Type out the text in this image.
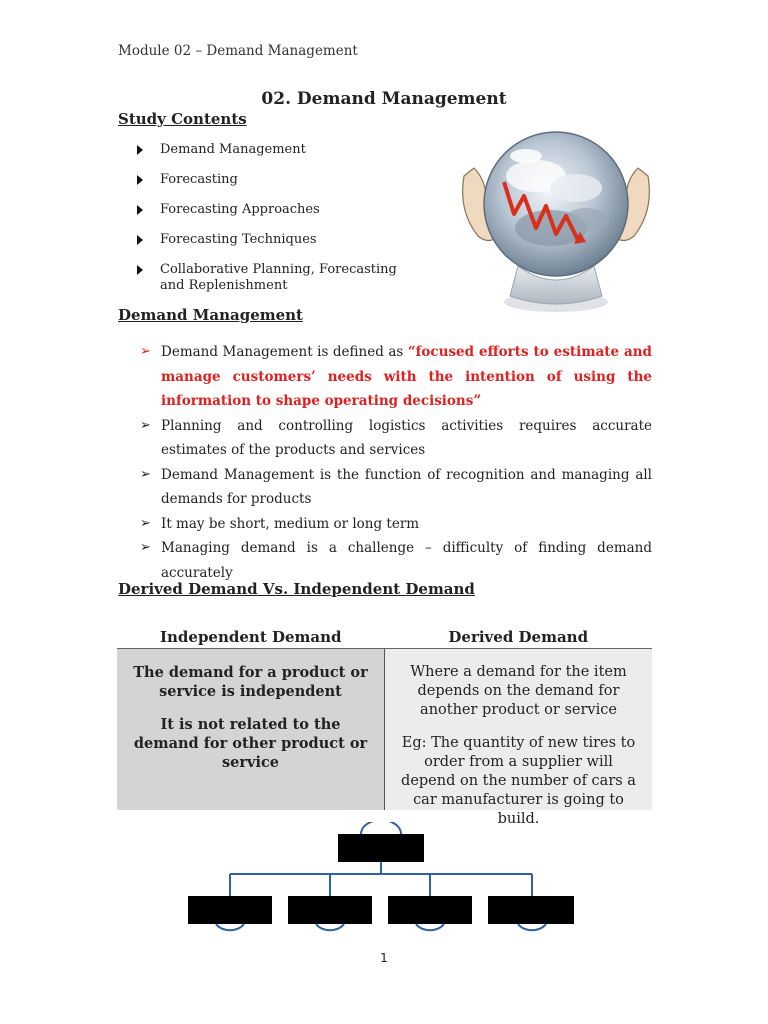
Module 02 – Demand Management
02. Demand Management
Study Contents
Demand Management
Forecasting
Forecasting Approaches
Forecasting Techniques
Collaborative Planning, Forecasting and Replenishment
Demand Management
➢ Demand Management is defined as “focused efforts to estimate and manage customers’ needs with the intention of using the information to shape operating decisions”
➢ Planning and controlling logistics activities requires accurate estimates of the products and services
➢ Demand Management is the function of recognition and managing all demands for products
➢ It may be short, medium or long term
➢ Managing demand is a challenge – difficulty of finding demand accurately
Derived Demand Vs. Independent Demand
Independent Demand	Derived Demand

The demand for a product or service is independent

It is not related to the demand for other product or service

Where a demand for the item depends on the demand for another product or service

Eg: The quantity of new tires to order from a supplier will depend on the number of cars a car manufacturer is going to build.

1
